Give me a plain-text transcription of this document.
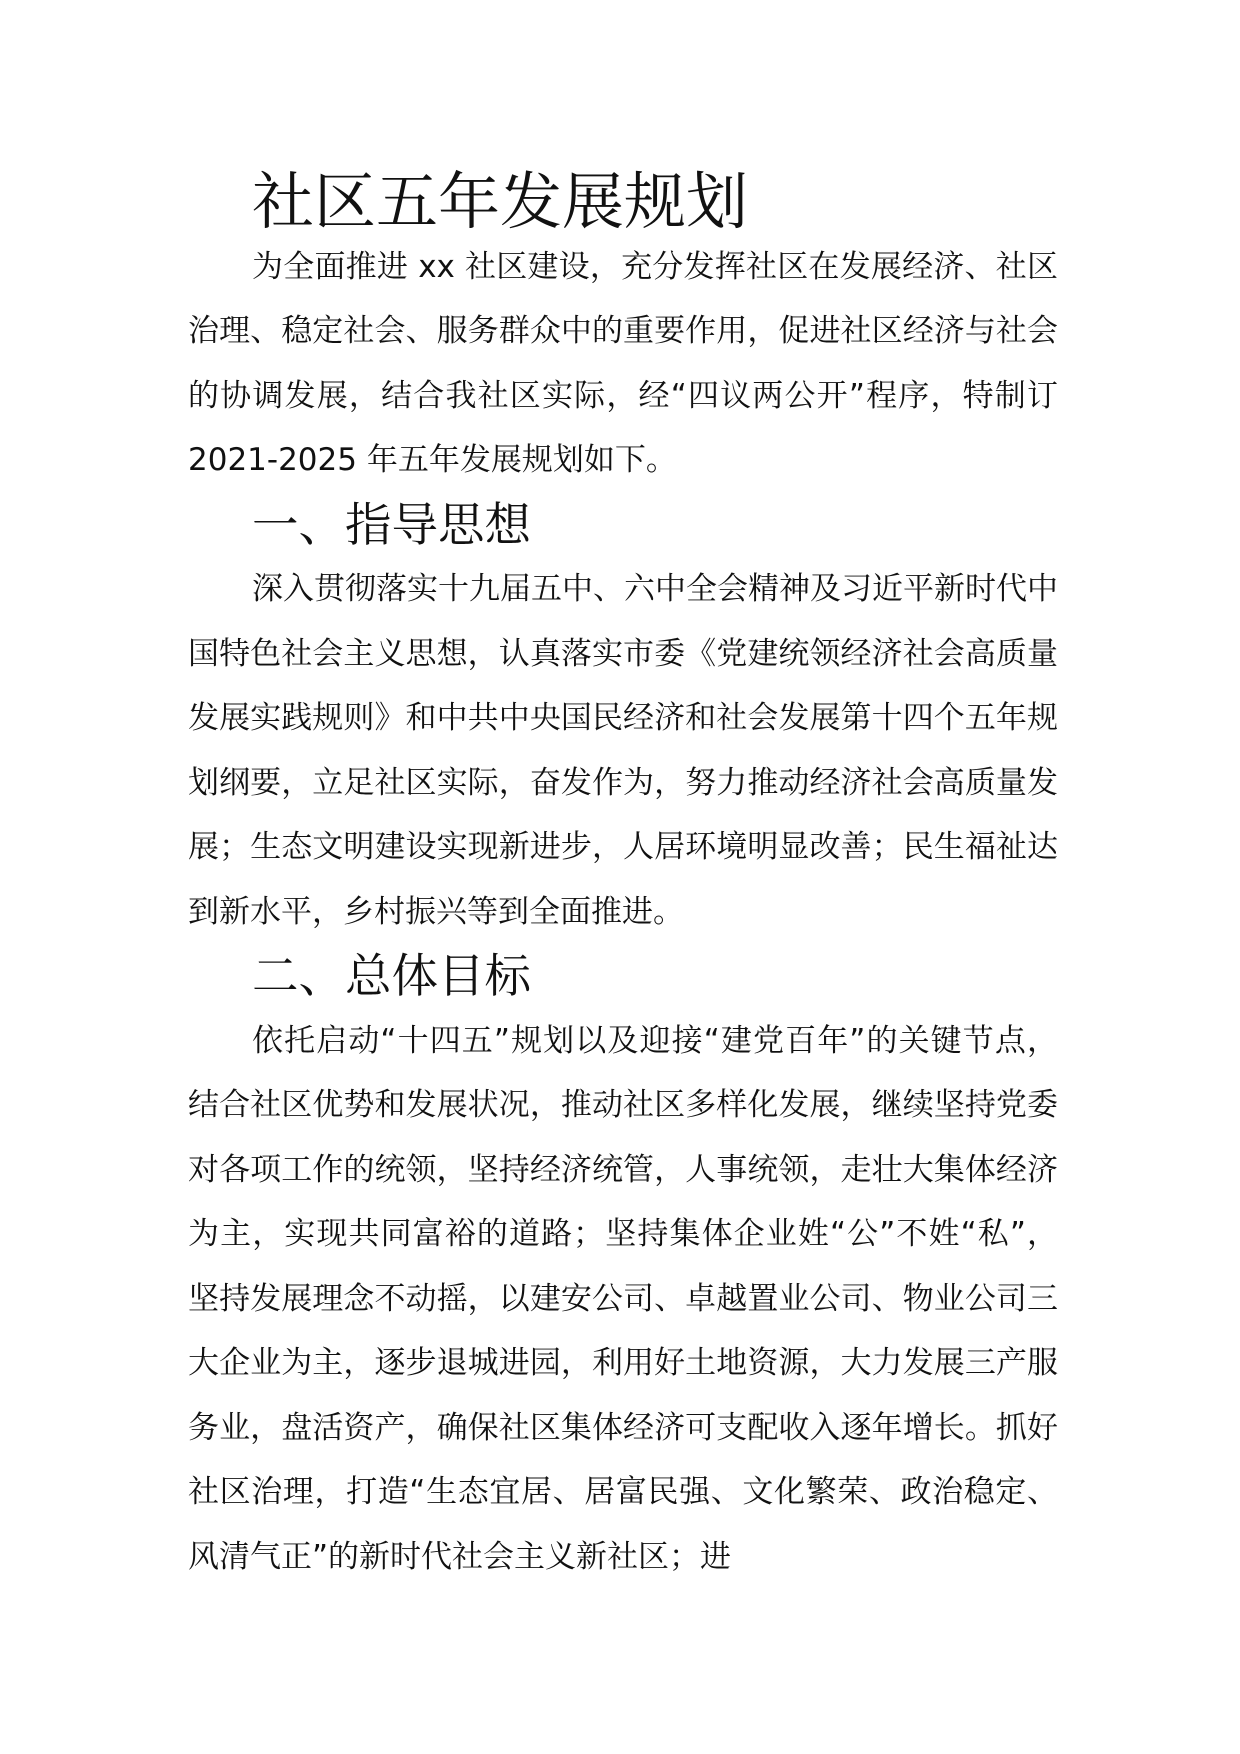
社区五年发展规划

为全面推进 xx 社区建设，充分发挥社区在发展经济、社区治理、稳定社会、服务群众中的重要作用，促进社区经济与社会的协调发展，结合我社区实际，经“四议两公开”程序，特制订 2021-2025 年五年发展规划如下。

一、指导思想

深入贯彻落实十九届五中、六中全会精神及习近平新时代中国特色社会主义思想，认真落实市委《党建统领经济社会高质量发展实践规则》和中共中央国民经济和社会发展第十四个五年规划纲要，立足社区实际，奋发作为，努力推动经济社会高质量发展；生态文明建设实现新进步，人居环境明显改善；民生福祉达到新水平，乡村振兴等到全面推进。

二、总体目标

依托启动“十四五”规划以及迎接“建党百年”的关键节点，结合社区优势和发展状况，推动社区多样化发展，继续坚持党委对各项工作的统领，坚持经济统管，人事统领，走壮大集体经济为主，实现共同富裕的道路；坚持集体企业姓“公”不姓“私”，坚持发展理念不动摇，以建安公司、卓越置业公司、物业公司三大企业为主，逐步退城进园，利用好土地资源，大力发展三产服务业，盘活资产，确保社区集体经济可支配收入逐年增长。抓好社区治理，打造“生态宜居、居富民强、文化繁荣、政治稳定、风清气正”的新时代社会主义新社区；进
